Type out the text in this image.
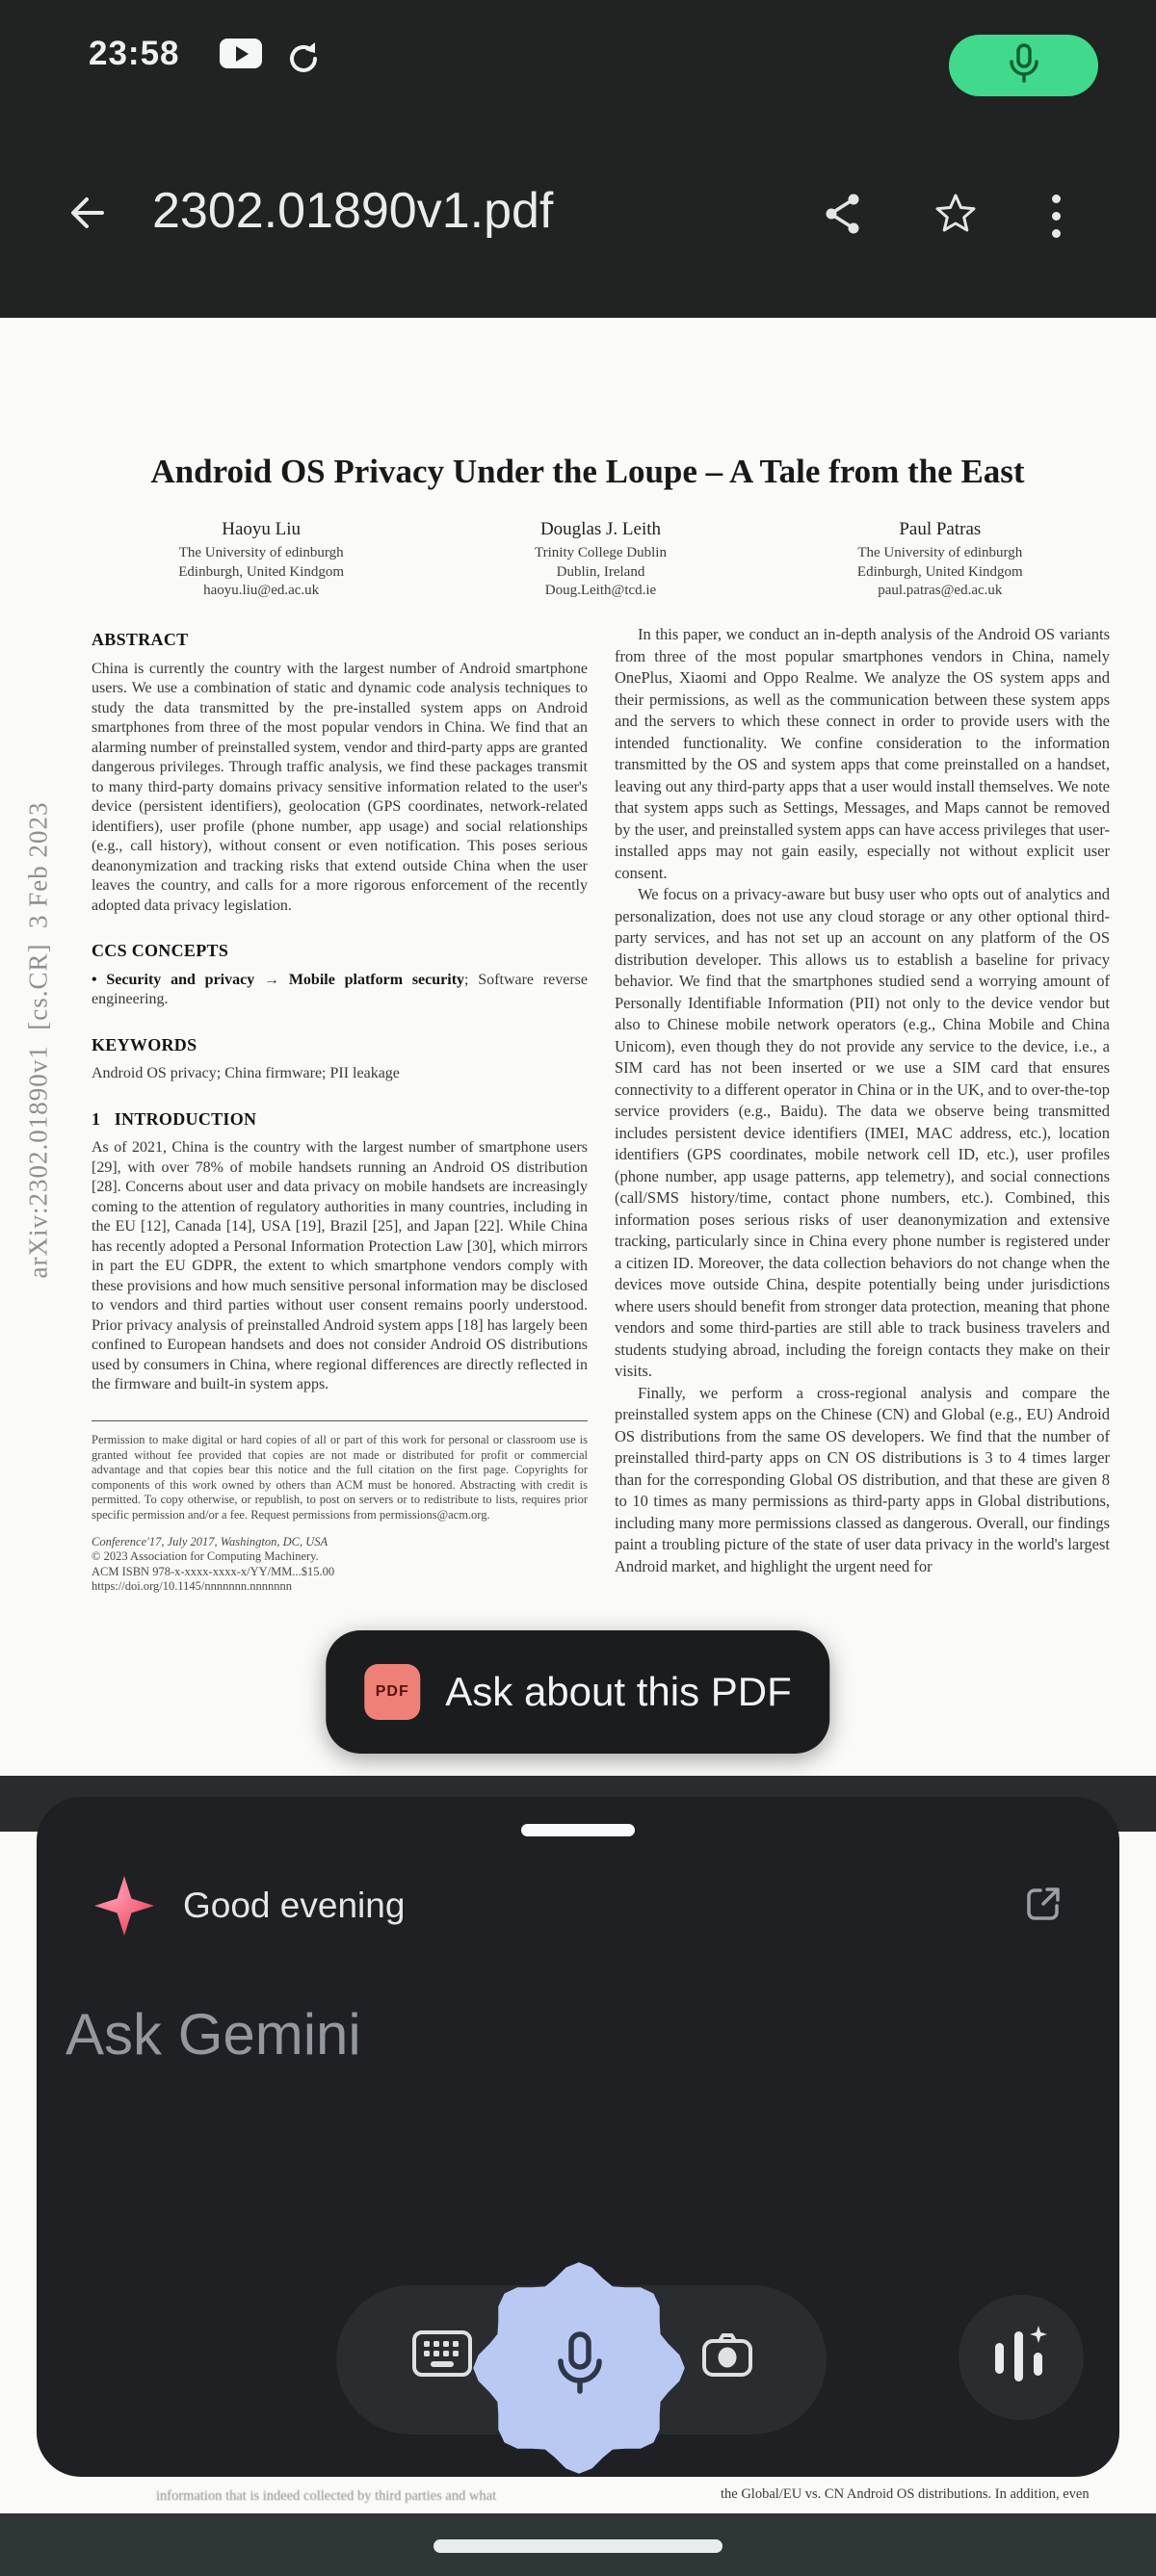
23:58
2302.01890v1.pdf
arXiv:2302.01890v1  [cs.CR]  3 Feb 2023
Android OS Privacy Under the Loupe – A Tale from the East
Haoyu Liu
The University of edinburgh
Edinburgh, United Kindgom
haoyu.liu@ed.ac.uk
Douglas J. Leith
Trinity College Dublin
Dublin, Ireland
Doug.Leith@tcd.ie
Paul Patras
The University of edinburgh
Edinburgh, United Kindgom
paul.patras@ed.ac.uk
ABSTRACT

China is currently the country with the largest number of Android smartphone users. We use a combination of static and dynamic code analysis techniques to study the data transmitted by the pre-installed system apps on Android smartphones from three of the most popular vendors in China. We find that an alarming number of preinstalled system, vendor and third-party apps are granted dangerous privileges. Through traffic analysis, we find these packages transmit to many third-party domains privacy sensitive information related to the user's device (persistent identifiers), geolocation (GPS coordinates, network-related identifiers), user profile (phone number, app usage) and social relationships (e.g., call history), without consent or even notification. This poses serious deanonymization and tracking risks that extend outside China when the user leaves the country, and calls for a more rigorous enforcement of the recently adopted data privacy legislation.

CCS CONCEPTS

• Security and privacy → Mobile platform security; Software reverse engineering.

KEYWORDS

Android OS privacy; China firmware; PII leakage

1 INTRODUCTION

As of 2021, China is the country with the largest number of smartphone users [29], with over 78% of mobile handsets running an Android OS distribution [28]. Concerns about user and data privacy on mobile handsets are increasingly coming to the attention of regulatory authorities in many countries, including in the EU [12], Canada [14], USA [19], Brazil [25], and Japan [22]. While China has recently adopted a Personal Information Protection Law [30], which mirrors in part the EU GDPR, the extent to which smartphone vendors comply with these provisions and how much sensitive personal information may be disclosed to vendors and third parties without user consent remains poorly understood. Prior privacy analysis of preinstalled Android system apps [18] has largely been confined to European handsets and does not consider Android OS distributions used by consumers in China, where regional differences are directly reflected in the firmware and built-in system apps.

Permission to make digital or hard copies of all or part of this work for personal or classroom use is granted without fee provided that copies are not made or distributed for profit or commercial advantage and that copies bear this notice and the full citation on the first page. Copyrights for components of this work owned by others than ACM must be honored. Abstracting with credit is permitted. To copy otherwise, or republish, to post on servers or to redistribute to lists, requires prior specific permission and/or a fee. Request permissions from permissions@acm.org.

Conference'17, July 2017, Washington, DC, USA
© 2023 Association for Computing Machinery.
ACM ISBN 978-x-xxxx-xxxx-x/YY/MM...$15.00
https://doi.org/10.1145/nnnnnnn.nnnnnnn

In this paper, we conduct an in-depth analysis of the Android OS variants from three of the most popular smartphones vendors in China, namely OnePlus, Xiaomi and Oppo Realme. We analyze the OS system apps and their permissions, as well as the communication between these system apps and the servers to which these connect in order to provide users with the intended functionality. We confine consideration to the information transmitted by the OS and system apps that come preinstalled on a handset, leaving out any third-party apps that a user would install themselves. We note that system apps such as Settings, Messages, and Maps cannot be removed by the user, and preinstalled system apps can have access privileges that user-installed apps may not gain easily, especially not without explicit user consent.

We focus on a privacy-aware but busy user who opts out of analytics and personalization, does not use any cloud storage or any other optional third-party services, and has not set up an account on any platform of the OS distribution developer. This allows us to establish a baseline for privacy behavior. We find that the smartphones studied send a worrying amount of Personally Identifiable Information (PII) not only to the device vendor but also to Chinese mobile network operators (e.g., China Mobile and China Unicom), even though they do not provide any service to the device, i.e., a SIM card has not been inserted or we use a SIM card that ensures connectivity to a different operator in China or in the UK, and to over-the-top service providers (e.g., Baidu). The data we observe being transmitted includes persistent device identifiers (IMEI, MAC address, etc.), location identifiers (GPS coordinates, mobile network cell ID, etc.), user profiles (phone number, app usage patterns, app telemetry), and social connections (call/SMS history/time, contact phone numbers, etc.). Combined, this information poses serious risks of user deanonymization and extensive tracking, particularly since in China every phone number is registered under a citizen ID. Moreover, the data collection behaviors do not change when the devices move outside China, despite potentially being under jurisdictions where users should benefit from stronger data protection, meaning that phone vendors and some third-parties are still able to track business travelers and students studying abroad, including the foreign contacts they make on their visits.

Finally, we perform a cross-regional analysis and compare the preinstalled system apps on the Chinese (CN) and Global (e.g., EU) Android OS distributions from the same OS developers. We find that the number of preinstalled third-party apps on CN OS distributions is 3 to 4 times larger than for the corresponding Global OS distribution, and that these are given 8 to 10 times as many permissions as third-party apps in Global distributions, including many more permissions classed as dangerous. Overall, our findings paint a troubling picture of the state of user data privacy in the world's largest Android market, and highlight the urgent need for

information that is indeed collected by third parties and what	the Global/EU vs. CN Android OS distributions. In addition, even
PDF Ask about this PDF
Good evening
Ask Gemini
